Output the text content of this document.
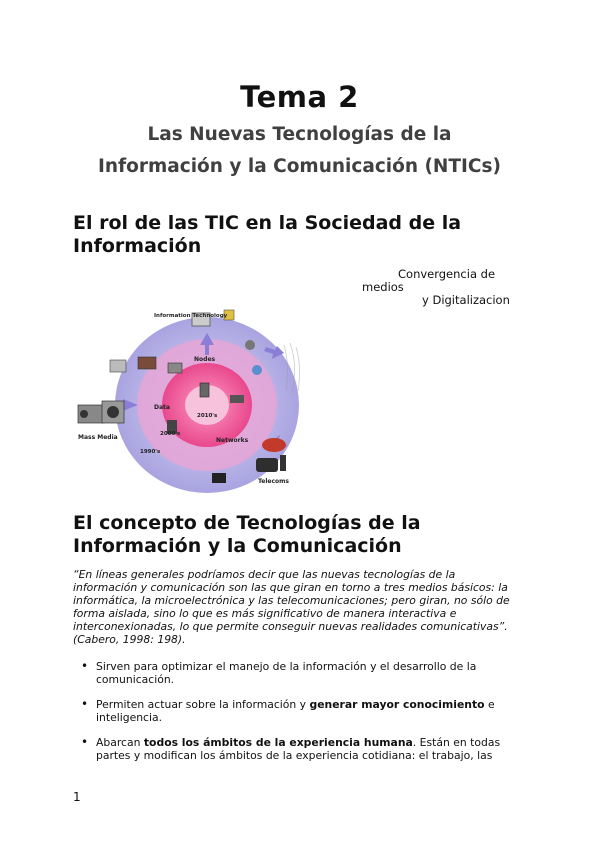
Tema 2
Las Nuevas Tecnologías de la
Información y la Comunicación (NTICs)
El rol de las TIC en la Sociedad de la
Información
Convergencia de
medios
y Digitalizacion
Information Technology
Nodes
Data
Networks
Mass Media
Telecoms
2010's
2000's
1990's
El concepto de Tecnologías de la
Información y la Comunicación
“En líneas generales podríamos decir que las nuevas tecnologías de la
información y comunicación son las que giran en torno a tres medios básicos: la
informática, la microelectrónica y las telecomunicaciones; pero giran, no sólo de
forma aislada, sino lo que es más significativo de manera interactiva e
interconexionadas, lo que permite conseguir nuevas realidades comunicativas”.
(Cabero, 1998: 198).
• Sirven para optimizar el manejo de la información y el desarrollo de la comunicación.
• Permiten actuar sobre la información y generar mayor conocimiento e inteligencia.
• Abarcan todos los ámbitos de la experiencia humana. Están en todas partes y modifican los ámbitos de la experiencia cotidiana: el trabajo, las
1
